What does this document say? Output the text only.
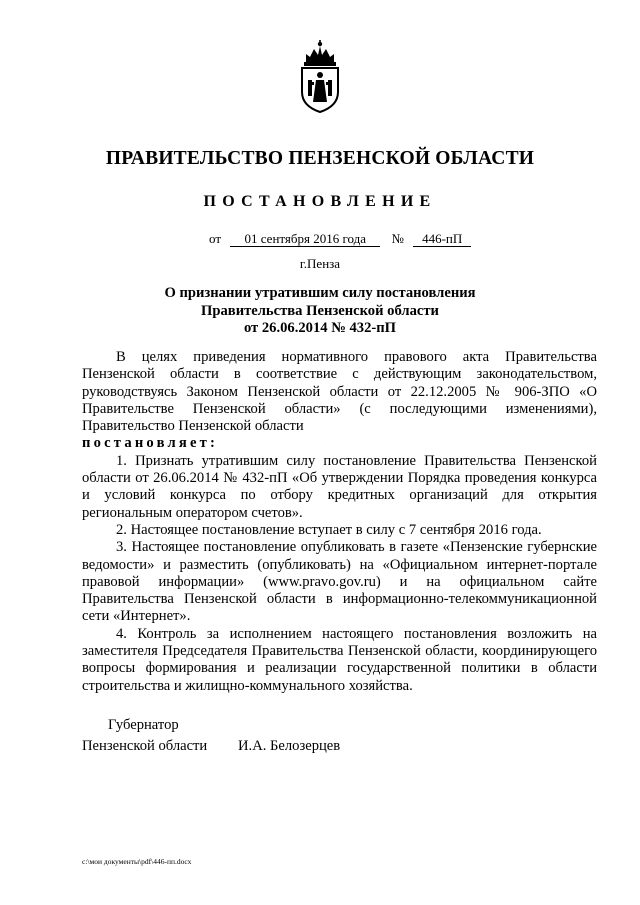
ПРАВИТЕЛЬСТВО ПЕНЗЕНСКОЙ ОБЛАСТИ
ПОСТАНОВЛЕНИЕ
от 01 сентября 2016 года № 446-пП
г.Пенза
О признании утратившим силу постановления
Правительства Пензенской области
от 26.06.2014 № 432-пП

В целях приведения нормативного правового акта Правительства Пензенской области в соответствие с действующим законодательством, руководствуясь Законом Пензенской области от 22.12.2005 № 906-ЗПО «О Правительстве Пензенской области» (с последующими изменениями), Правительство Пензенской области

постановляет:

1. Признать утратившим силу постановление Правительства Пензенской области от 26.06.2014 № 432-пП «Об утверждении Порядка проведения конкурса и условий конкурса по отбору кредитных организаций для открытия региональным оператором счетов».

2. Настоящее постановление вступает в силу с 7 сентября 2016 года.

3. Настоящее постановление опубликовать в газете «Пензенские губернские ведомости» и разместить (опубликовать) на «Официальном интернет-портале правовой информации» (www.pravo.gov.ru) и на официальном сайте Правительства Пензенской области в информационно-телекоммуникационной сети «Интернет».

4. Контроль за исполнением настоящего постановления возложить на заместителя Председателя Правительства Пензенской области, координирующего вопросы формирования и реализации государственной политики в области строительства и жилищно-коммунального хозяйства.

Губернатор
Пензенской области И.А. Белозерцев
c:\мои документы\pdf\446-пп.docx
